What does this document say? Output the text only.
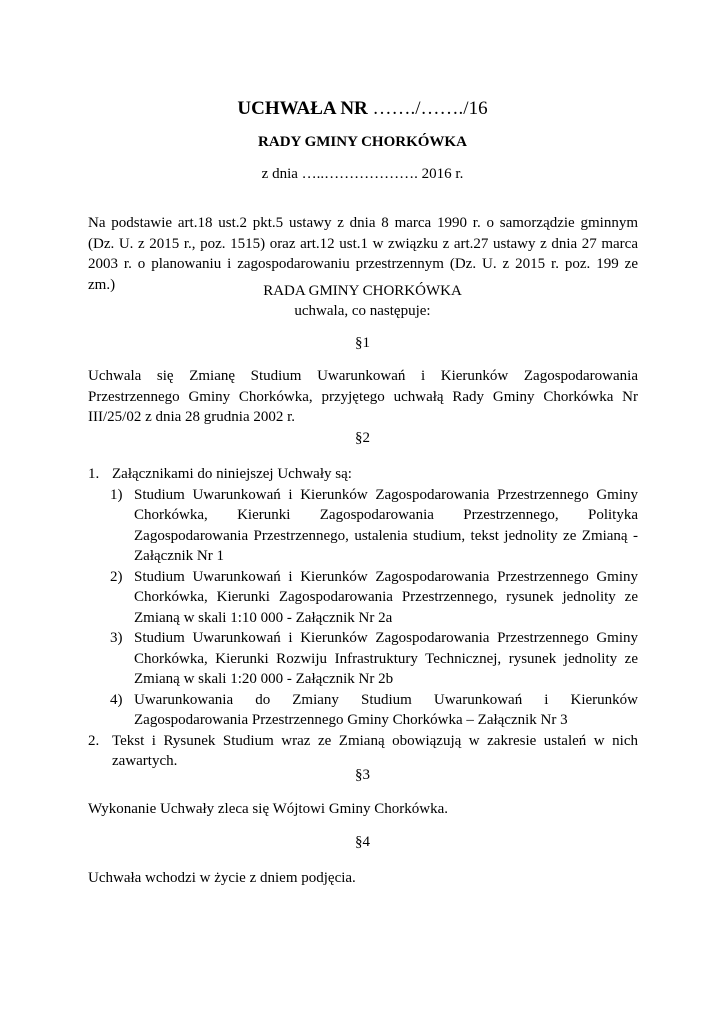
UCHWAŁA NR ……./……./16
RADY GMINY CHORKÓWKA
z dnia …..………………. 2016 r.
Na podstawie art.18 ust.2 pkt.5 ustawy z dnia 8 marca 1990 r. o samorządzie gminnym (Dz. U. z 2015 r., poz. 1515) oraz art.12 ust.1 w związku z art.27 ustawy z dnia 27 marca 2003 r. o planowaniu i zagospodarowaniu przestrzennym (Dz. U. z 2015 r. poz. 199 ze zm.)	RADA GMINY CHORKÓWKA
uchwala, co następuje:
§1
Uchwala się Zmianę Studium Uwarunkowań i Kierunków Zagospodarowania Przestrzennego Gminy Chorkówka, przyjętego uchwałą Rady Gminy Chorkówka Nr III/25/02 z dnia 28 grudnia 2002 r.
§2
1. Załącznikami do niniejszej Uchwały są:
1) Studium Uwarunkowań i Kierunków Zagospodarowania Przestrzennego Gminy Chorkówka, Kierunki Zagospodarowania Przestrzennego, Polityka Zagospodarowania Przestrzennego, ustalenia studium, tekst jednolity ze Zmianą - Załącznik Nr 1
2) Studium Uwarunkowań i Kierunków Zagospodarowania Przestrzennego Gminy Chorkówka, Kierunki Zagospodarowania Przestrzennego, rysunek jednolity ze Zmianą w skali 1:10 000 - Załącznik Nr 2a
3) Studium Uwarunkowań i Kierunków Zagospodarowania Przestrzennego Gminy Chorkówka, Kierunki Rozwiju Infrastruktury Technicznej, rysunek jednolity ze Zmianą w skali 1:20 000 - Załącznik Nr 2b
4) Uwarunkowania do Zmiany Studium Uwarunkowań i Kierunków Zagospodarowania Przestrzennego Gminy Chorkówka – Załącznik Nr 3
2. Tekst i Rysunek Studium wraz ze Zmianą obowiązują w zakresie ustaleń w nich zawartych.
§3
Wykonanie Uchwały zleca się Wójtowi Gminy Chorkówka.
§4
Uchwała wchodzi w życie z dniem podjęcia.
